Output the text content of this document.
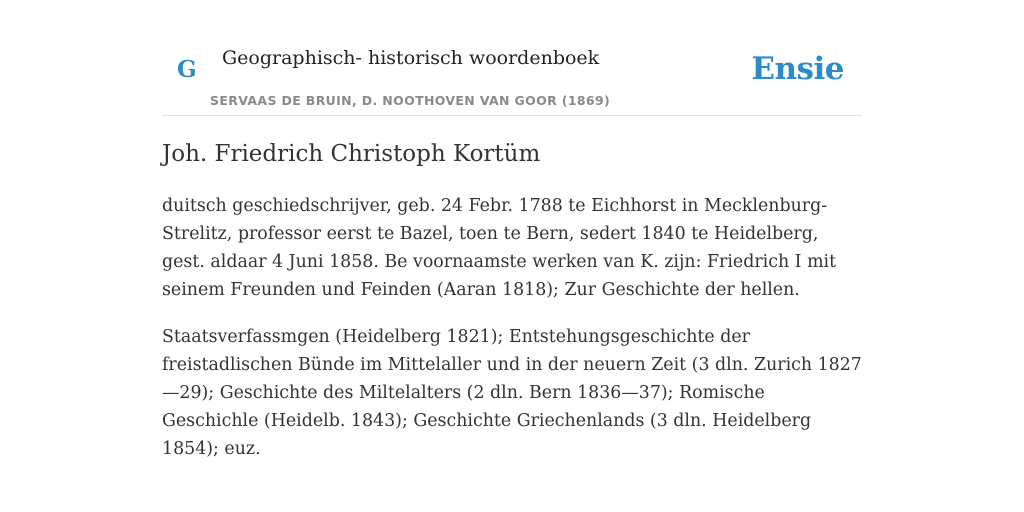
G Geographisch- historisch woordenboek
SERVAAS DE BRUIN, D. NOOTHOVEN VAN GOOR (1869)
Ensie
Joh. Friedrich Christoph Kortüm

duitsch geschiedschrijver, geb. 24 Febr. 1788 te Eichhorst in Mecklenburg-Strelitz, professor eerst te Bazel, toen te Bern, sedert 1840 te Heidelberg, gest. aldaar 4 Juni 1858. Be voornaamste werken van K. zijn: Friedrich I mit seinem Freunden und Feinden (Aaran 1818); Zur Geschichte der hellen.

Staatsverfassmgen (Heidelberg 1821); Entstehungsgeschichte der freistadlischen Bünde im Mittelaller und in der neuern Zeit (3 dln. Zurich 1827—29); Geschichte des Miltelalters (2 dln. Bern 1836—37); Romische Geschichle (Heidelb. 1843); Geschichte Griechenlands (3 dln. Heidelberg 1854); euz.
